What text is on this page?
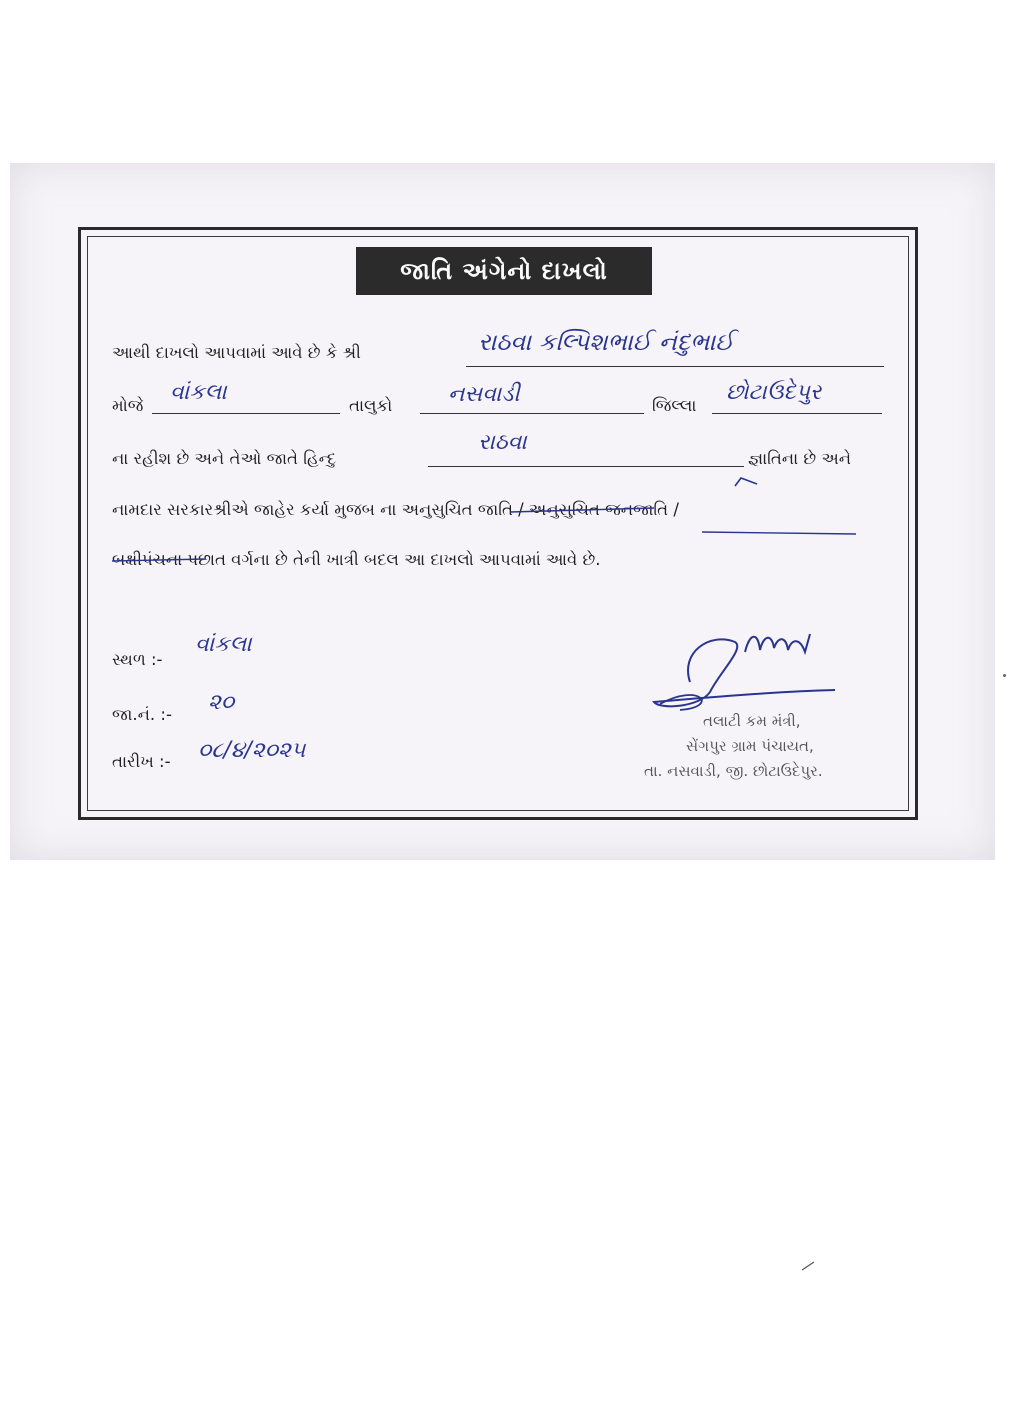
જાતિ અંગેનો દાખલો
આથી દાખલો આપવામાં આવે છે કે શ્રી	રાઠવા કલ્પિશભાઈ નંદુભાઈ
મોજે
વાંકલા
તાલુકો	નસવાડી	જિલ્લા
છોટાઉદેપુર
ના રહીશ છે અને તેઓ જાતે હિન્દુ
રાઠવા
જ્ઞાતિના છે અને
નામદાર સરકારશ્રીએ જાહેર કર્યા મુજબ ના અનુસુચિત જાતિ / અનુસુચિત જનજાતિ /
બક્ષીપંચના પછાત વર્ગના છે તેની ખાત્રી બદલ આ દાખલો આપવામાં આવે છે.
સ્થળ :-
વાંકલા
જા.નં. :- ૨૦
તારીખ :- ૦૮/૪/૨૦૨૫
તલાટી કમ મંત્રી,
સેંગપુર ગ્રામ પંચાયત,
તા. નસવાડી, જી. છોટાઉદેપુર.
